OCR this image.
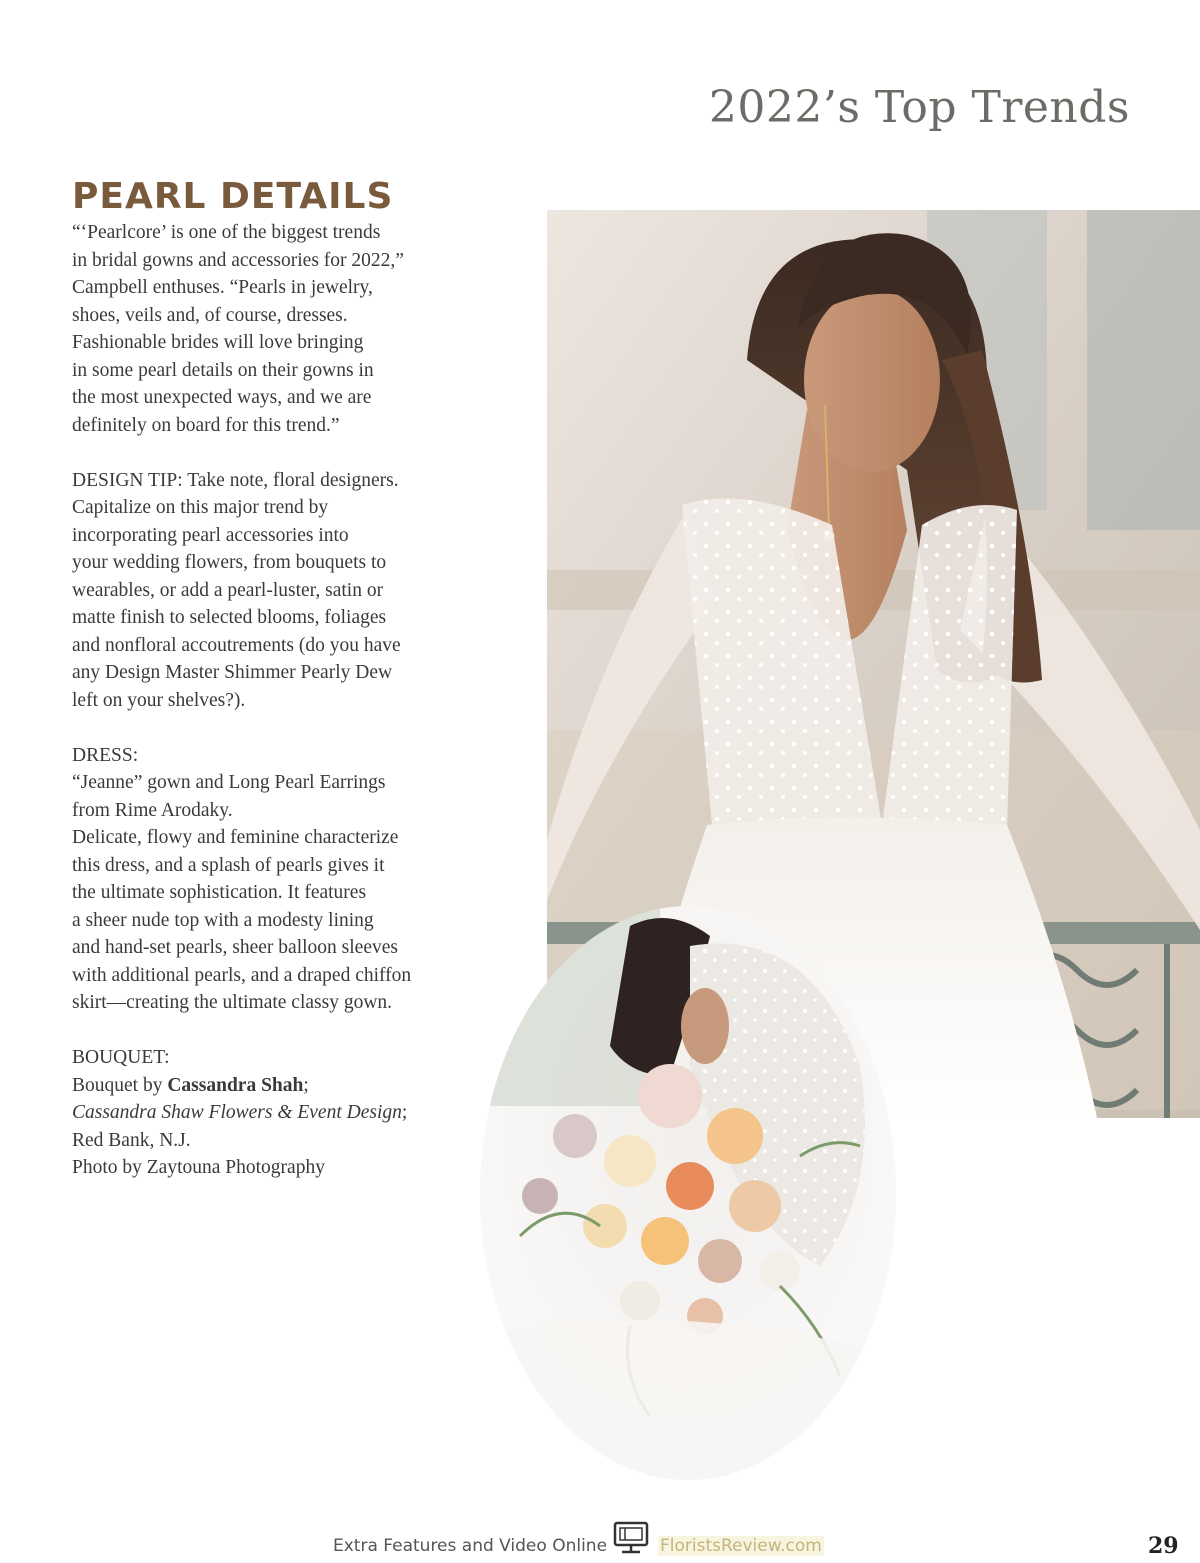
2022’s Top Trends
PEARL DETAILS

“‘Pearlcore’ is one of the biggest trends
in bridal gowns and accessories for 2022,”
Campbell enthuses. “Pearls in jewelry,
shoes, veils and, of course, dresses.
Fashionable brides will love bringing
in some pearl details on their gowns in
the most unexpected ways, and we are
definitely on board for this trend.”

DESIGN TIP: Take note, floral designers.
Capitalize on this major trend by
incorporating pearl accessories into
your wedding flowers, from bouquets to
wearables, or add a pearl-luster, satin or
matte finish to selected blooms, foliages
and nonfloral accoutrements (do you have
any Design Master Shimmer Pearly Dew
left on your shelves?).

DRESS:
“Jeanne” gown and Long Pearl Earrings
from Rime Arodaky.
Delicate, flowy and feminine characterize
this dress, and a splash of pearls gives it
the ultimate sophistication. It features
a sheer nude top with a modesty lining
and hand-set pearls, sheer balloon sleeves
with additional pearls, and a draped chiffon
skirt—creating the ultimate classy gown.

BOUQUET:
Bouquet by Cassandra Shah;
Cassandra Shaw Flowers & Event Design;
Red Bank, N.J.
Photo by Zaytouna Photography

Extra Features and Video Online	FloristsReview.com	29
